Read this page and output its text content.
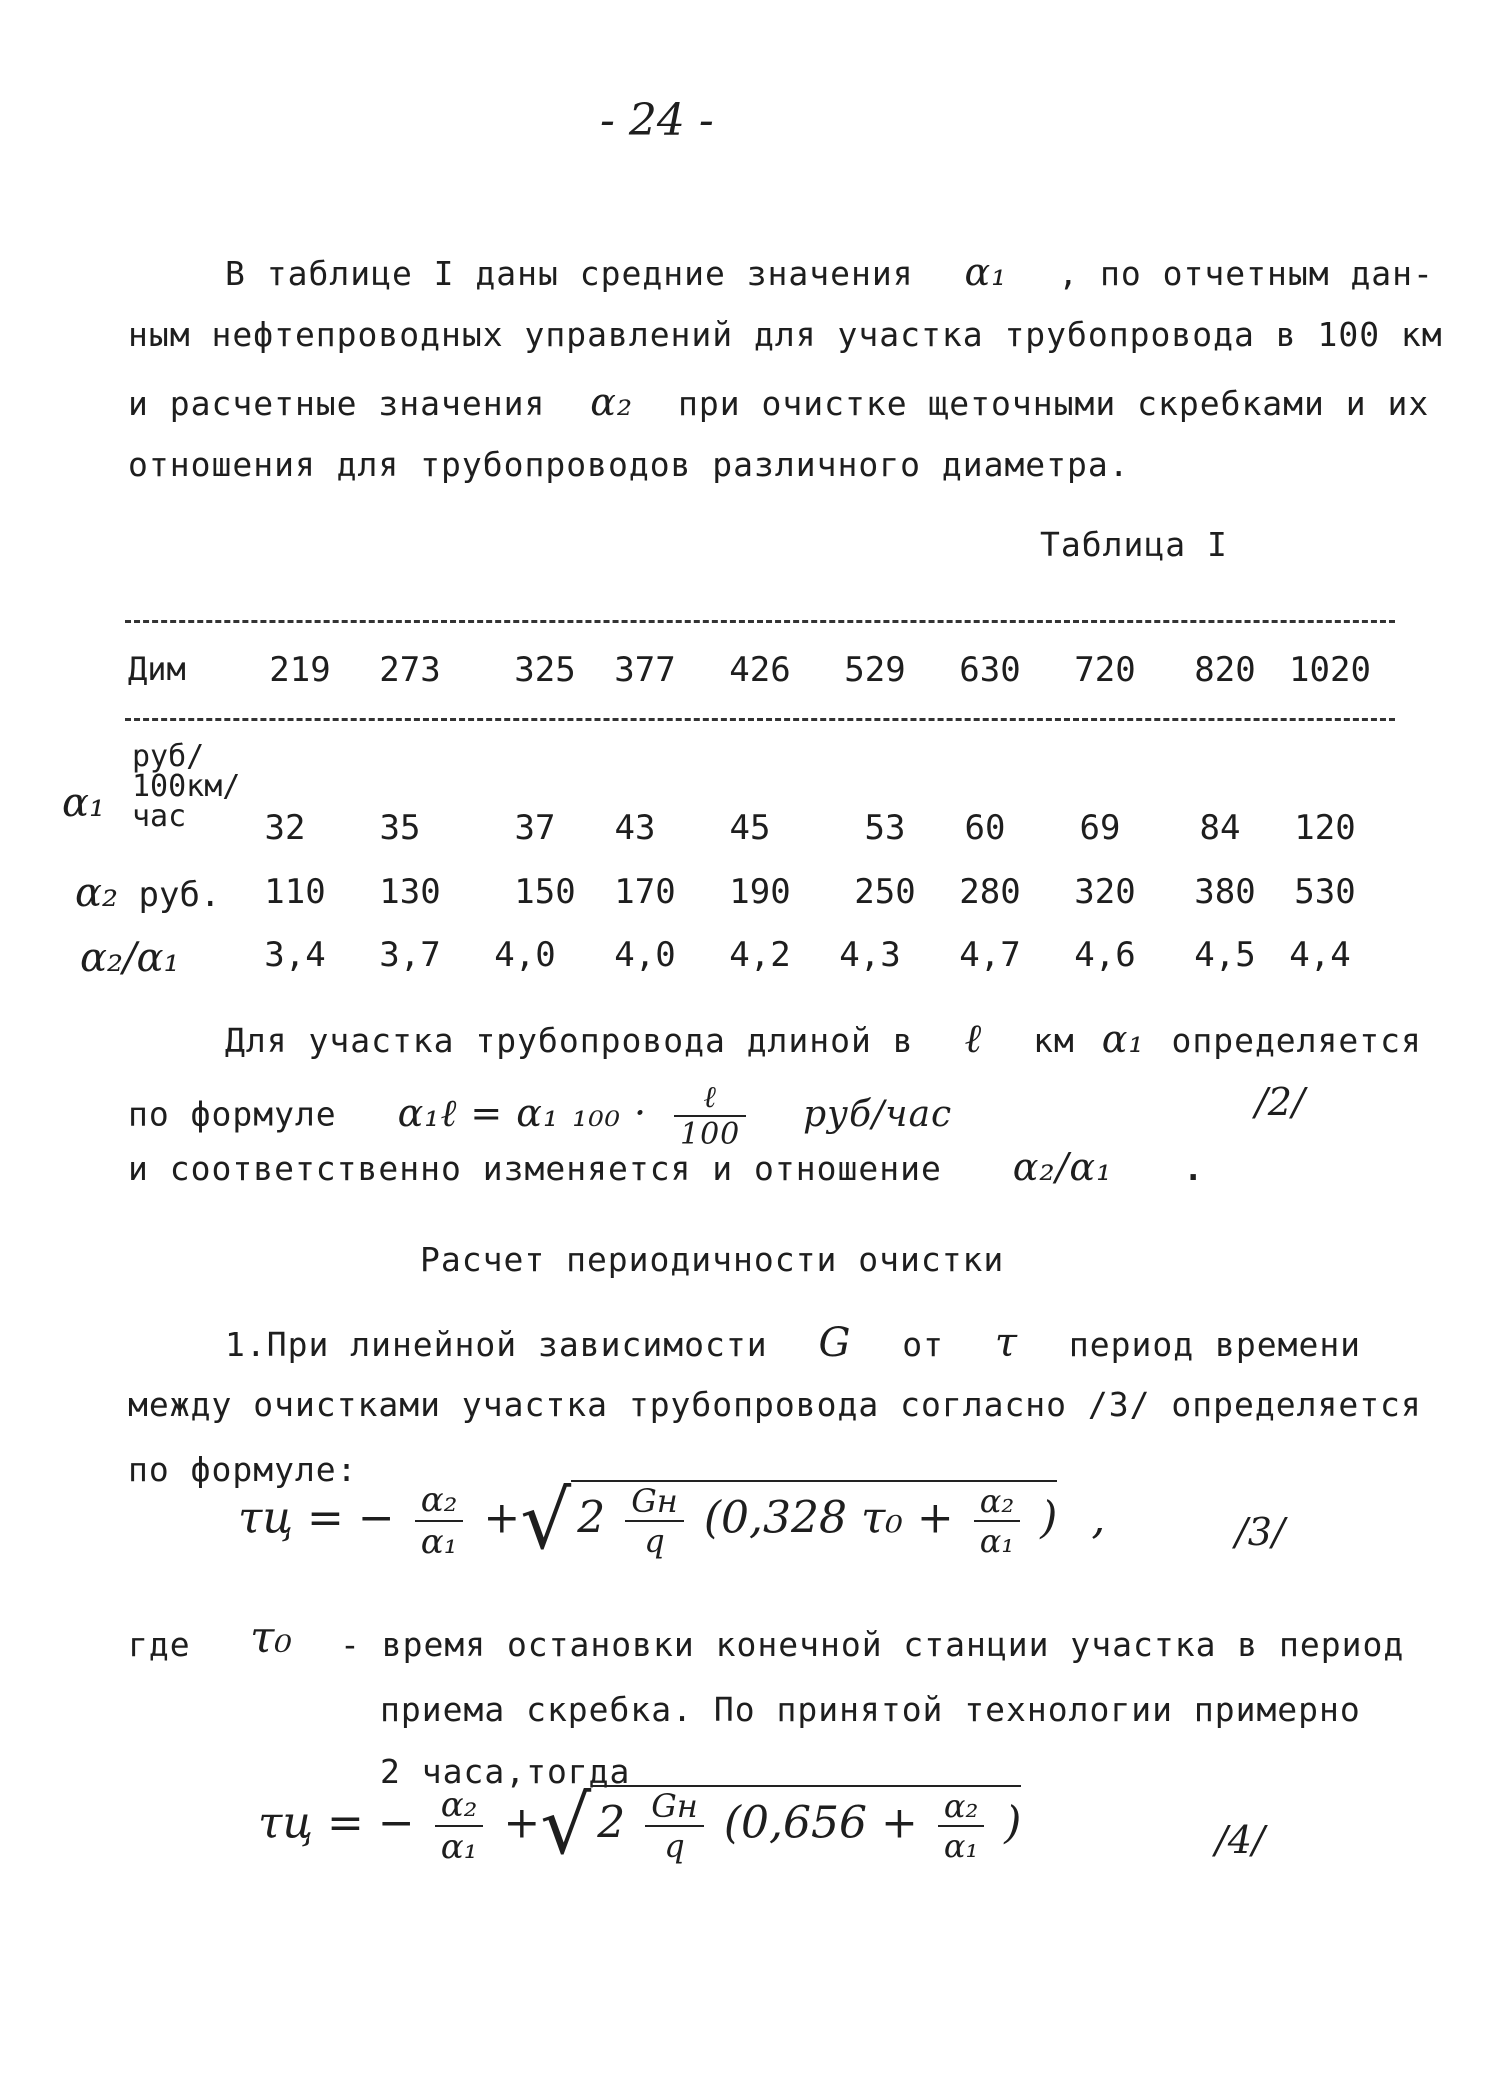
- 24 -
В таблице I даны средние значения α₁ , по отчетным дан-
ным нефтепроводных управлений для участка трубопровода в 100 км
и расчетные значения α₂ при очистке щеточными скребками и их
отношения для трубопроводов различного диаметра.
Таблица I
Дим	219	273	325	377	426	529	630	720	820 1020
α₁
руб/
100км/
час	32	35	37	43	45	53	60	69	84	120
α₂ руб.	110	130	150	170	190	250	280	320	380	530
α₂/α₁	3,4	3,7	4,0	4,0	4,2	4,3	4,7	4,6	4,5 4,4
Для участка трубопровода длиной в ℓ км α₁ определяется
по формуле α₁ℓ = α₁ $_{100} \cdot \frac{\text{ℓ}}{100} руб/час$	/2/
и соответственно изменяется и отношение α₂/α₁ .
Расчет периодичности очистки
1.При линейной зависимости G от τ период времени
между очистками участка трубопровода согласно /3/ определяется
по формуле:
τц = − $\frac{\text{α₂}}{\text{α₁}}$ +√ $2 \frac{Gн}{q} (0,328$ $\tau_0 + \frac{\text{α₂}}{\text{α₁}}$ ) ,	/3/
где τ₀ - время остановки конечной станции участка в период
приема скребка. По принятой технологии примерно
2 часа,тогда
τц = − $\frac{\text{α₂}}{\text{α₁}}$ +√ $2 \frac{Gн}{q} (0,656 + \frac{\text{α₂}}{\text{α₁}}$ )	/4/
